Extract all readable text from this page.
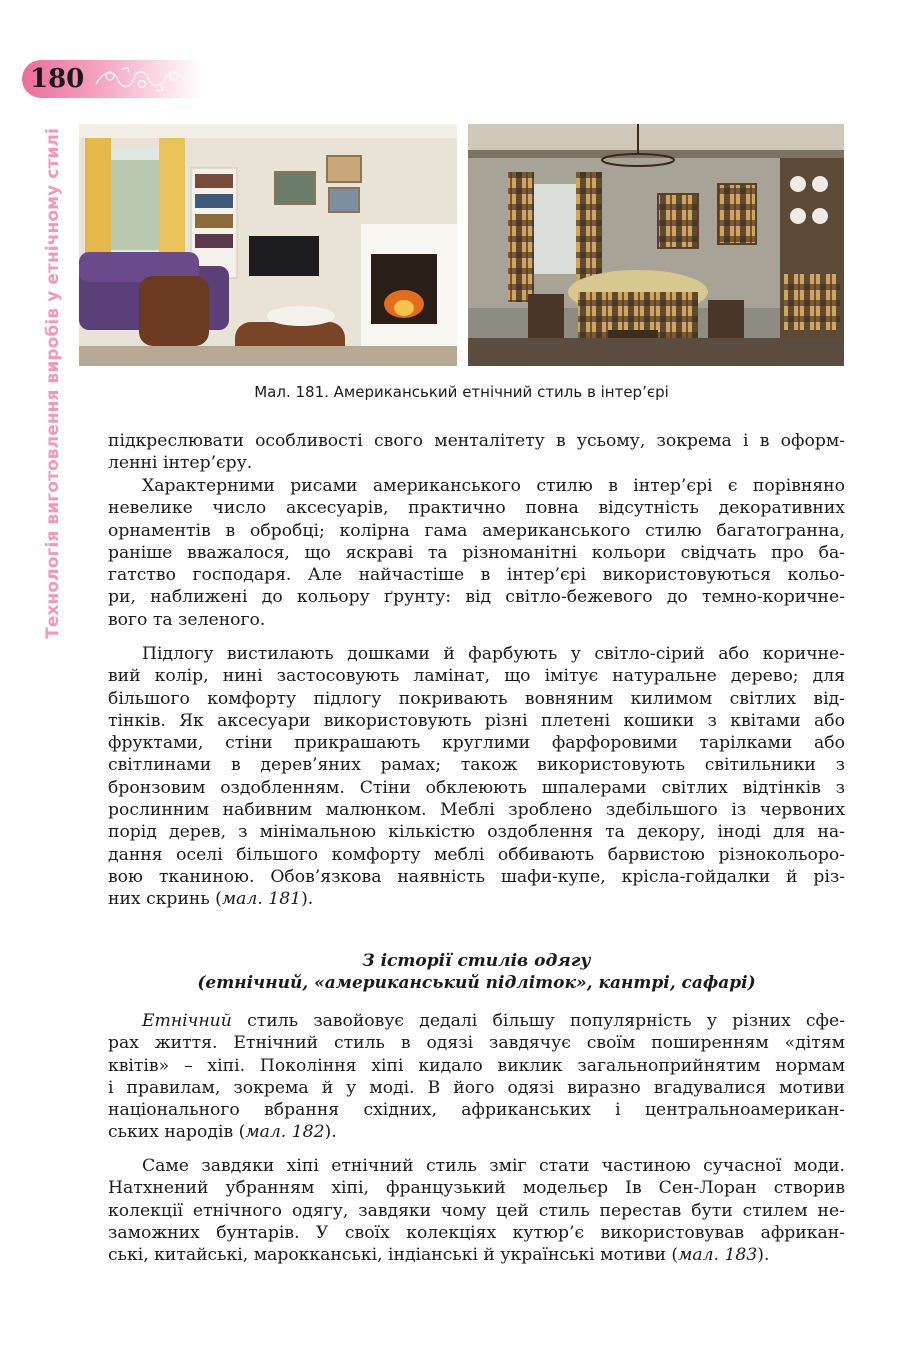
180
Технологія виготовлення виробів у етнічному стилі	Мал. 181. Американський етнічний стиль в інтер’єрі
підкреслювати особливості свого менталітету в усьому, зокрема і в оформ-
ленні інтер’єру.
Характерними рисами американського стилю в інтер’єрі є порівняно
невелике число аксесуарів, практично повна відсутність декоративних
орнаментів в обробці; колірна гама американського стилю багатогранна,
раніше вважалося, що яскраві та різноманітні кольори свідчать про ба-
гатство господаря. Але найчастіше в інтер’єрі використовуються кольо-
ри, наближені до кольору ґрунту: від світло-бежевого до темно-коричне-
вого та зеленого.
Підлогу вистилають дошками й фарбують у світло-сірий або коричне-
вий колір, нині застосовують ламінат, що імітує натуральне дерево; для
більшого комфорту підлогу покривають вовняним килимом світлих від-
тінків. Як аксесуари використовують різні плетені кошики з квітами або
фруктами, стіни прикрашають круглими фарфоровими тарілками або
світлинами в дерев’яних рамах; також використовують світильники з
бронзовим оздобленням. Стіни обклеюють шпалерами світлих відтінків з
рослинним набивним малюнком. Меблі зроблено здебільшого із червоних
порід дерев, з мінімальною кількістю оздоблення та декору, іноді для на-
дання оселі більшого комфорту меблі оббивають барвистою різнокольоро-
вою тканиною. Обов’язкова наявність шафи-купе, крісла-гойдалки й різ-
них скринь (мал. 181).
З історії стилів одягу
(етнічний, «американський підліток», кантрі, сафарі)
Етнічний стиль завойовує дедалі більшу популярність у різних сфе-
рах життя. Етнічний стиль в одязі завдячує своїм поширенням «дітям
квітів» – хіпі. Покоління хіпі кидало виклик загальноприйнятим нормам
і правилам, зокрема й у моді. В його одязі виразно вгадувалися мотиви
національного вбрання східних, африканських і центральноамерикан-
ських народів (мал. 182).
Саме завдяки хіпі етнічний стиль зміг стати частиною сучасної моди.
Натхнений убранням хіпі, французький модельєр Ів Сен-Лоран створив
колекції етнічного одягу, завдяки чому цей стиль перестав бути стилем не-
заможних бунтарів. У своїх колекціях кутюр’є використовував африкан-
ські, китайські, марокканські, індіанські й українські мотиви (мал. 183).
